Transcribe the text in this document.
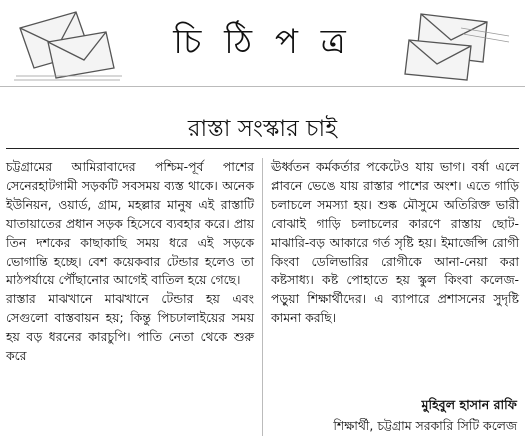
চি ঠি প ত্র
রাস্তা সংস্কার চাই

চট্টগ্রামের আমিরাবাদের পশ্চিম-পূর্ব পাশের সেনেরহাটগামী সড়কটি সবসময় ব্যস্ত থাকে। অনেক ইউনিয়ন, ওয়ার্ড, গ্রাম, মহল্লার মানুষ এই রাস্তাটি যাতায়াতের প্রধান সড়ক হিসেবে ব্যবহার করে। প্রায় তিন দশকের কাছাকাছি সময় ধরে এই সড়কে ভোগান্তি হচ্ছে। বেশ কয়েকবার টেন্ডার হলেও তা মাঠপর্যায়ে পৌঁছানোর আগেই বাতিল হয়ে গেছে।

রাস্তার মাঝখানে মাঝখানে টেন্ডার হয় এবং সেগুলো বাস্তবায়ন হয়; কিন্তু পিচঢালাইয়ের সময় হয় বড় ধরনের কারচুপি। পাতি নেতা থেকে শুরু করে

ঊর্ধ্বতন কর্মকর্তার পকেটেও যায় ভাগ। বর্ষা এলে প্লাবনে ভেঙে যায় রাস্তার পাশের অংশ। এতে গাড়ি চলাচলে সমস্যা হয়। শুষ্ক মৌসুমে অতিরিক্ত ভারী বোঝাই গাড়ি চলাচলের কারণে রাস্তায় ছোট-মাঝারি-বড় আকারে গর্ত সৃষ্টি হয়। ইমার্জেন্সি রোগী কিংবা ডেলিভারির রোগীকে আনা-নেয়া করা কষ্টসাধ্য। কষ্ট পোহাতে হয় স্কুল কিংবা কলেজ-পড়ুয়া শিক্ষার্থীদের। এ ব্যাপারে প্রশাসনের সুদৃষ্টি কামনা করছি।

মুহিবুল হাসান রাফি
শিক্ষার্থী, চট্টগ্রাম সরকারি সিটি কলেজ
